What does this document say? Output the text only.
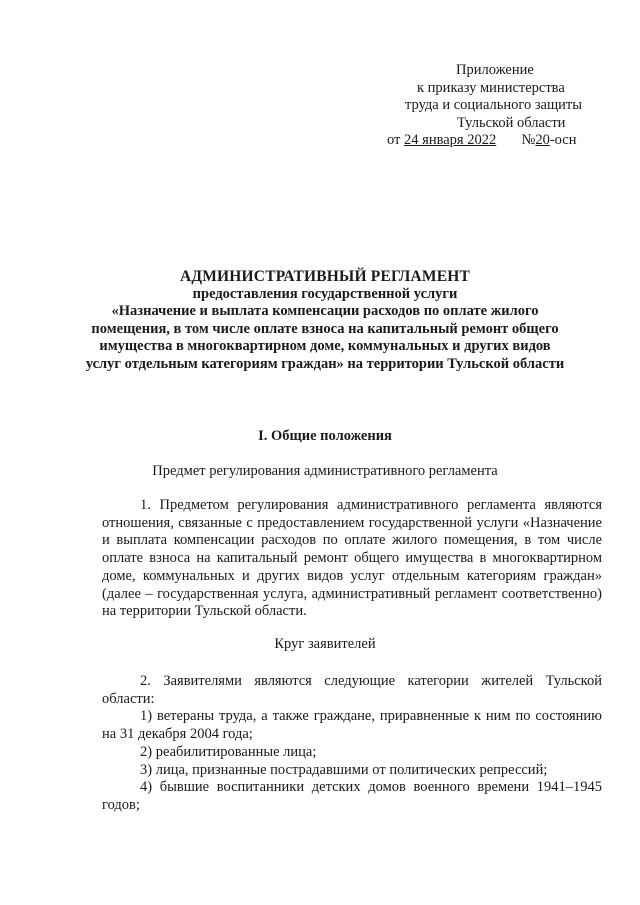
Приложение
к приказу министерства
труда и социального защиты
Тульской области
от 24 января 2022 №20-осн
АДМИНИСТРАТИВНЫЙ РЕГЛАМЕНТ
предоставления государственной услуги
«Назначение и выплата компенсации расходов по оплате жилого
помещения, в том числе оплате взноса на капитальный ремонт общего
имущества в многоквартирном доме, коммунальных и других видов
услуг отдельным категориям граждан» на территории Тульской области
I. Общие положения
Предмет регулирования административного регламента

1. Предметом регулирования административного регламента являются отношения, связанные с предоставлением государственной услуги «Назначение и выплата компенсации расходов по оплате жилого помещения, в том числе оплате взноса на капитальный ремонт общего имущества в многоквартирном доме, коммунальных и других видов услуг отдельным категориям граждан» (далее – государственная услуга, административный регламент соответственно) на территории Тульской области.

Круг заявителей

2. Заявителями являются следующие категории жителей Тульской области:

1) ветераны труда, а также граждане, приравненные к ним по состоянию на 31 декабря 2004 года;

2) реабилитированные лица;

3) лица, признанные пострадавшими от политических репрессий;

4) бывшие воспитанники детских домов военного времени 1941–1945 годов;
